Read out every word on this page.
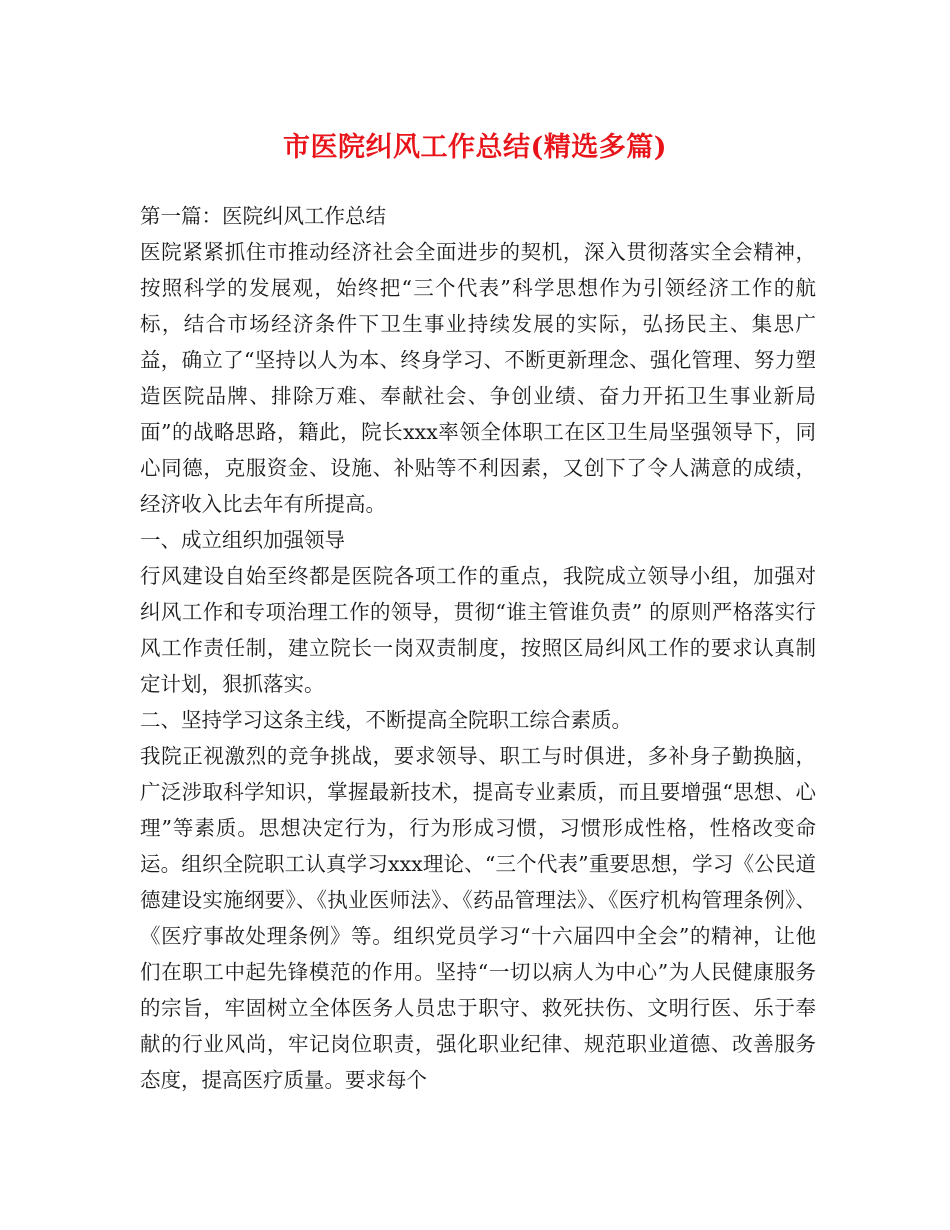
市医院纠风工作总结(精选多篇)

第一篇：医院纠风工作总结

医院紧紧抓住市推动经济社会全面进步的契机，深入贯彻落实全会精神，按照科学的发展观，始终把“三个代表”科学思想作为引领经济工作的航标，结合市场经济条件下卫生事业持续发展的实际，弘扬民主、集思广益，确立了“坚持以人为本、终身学习、不断更新理念、强化管理、努力塑造医院品牌、排除万难、奉献社会、争创业绩、奋力开拓卫生事业新局面”的战略思路，籍此，院长xxx率领全体职工在区卫生局坚强领导下，同心同德，克服资金、设施、补贴等不利因素，又创下了令人满意的成绩，经济收入比去年有所提高。

一、成立组织加强领导

行风建设自始至终都是医院各项工作的重点，我院成立领导小组，加强对纠风工作和专项治理工作的领导，贯彻“谁主管谁负责” 的原则严格落实行风工作责任制，建立院长一岗双责制度，按照区局纠风工作的要求认真制定计划，狠抓落实。

二、坚持学习这条主线，不断提高全院职工综合素质。

我院正视激烈的竞争挑战，要求领导、职工与时俱进，多补身子勤换脑，广泛涉取科学知识，掌握最新技术，提高专业素质，而且要增强“思想、心理”等素质。思想决定行为，行为形成习惯，习惯形成性格，性格改变命运。组织全院职工认真学习xxx理论、“三个代表”重要思想，学习《公民道德建设实施纲要》、《执业医师法》、《药品管理法》、《医疗机构管理条例》、《医疗事故处理条例》等。组织党员学习“十六届四中全会”的精神，让他们在职工中起先锋模范的作用。坚持“一切以病人为中心”为人民健康服务的宗旨，牢固树立全体医务人员忠于职守、救死扶伤、文明行医、乐于奉献的行业风尚，牢记岗位职责，强化职业纪律、规范职业道德、改善服务态度，提高医疗质量。要求每个
